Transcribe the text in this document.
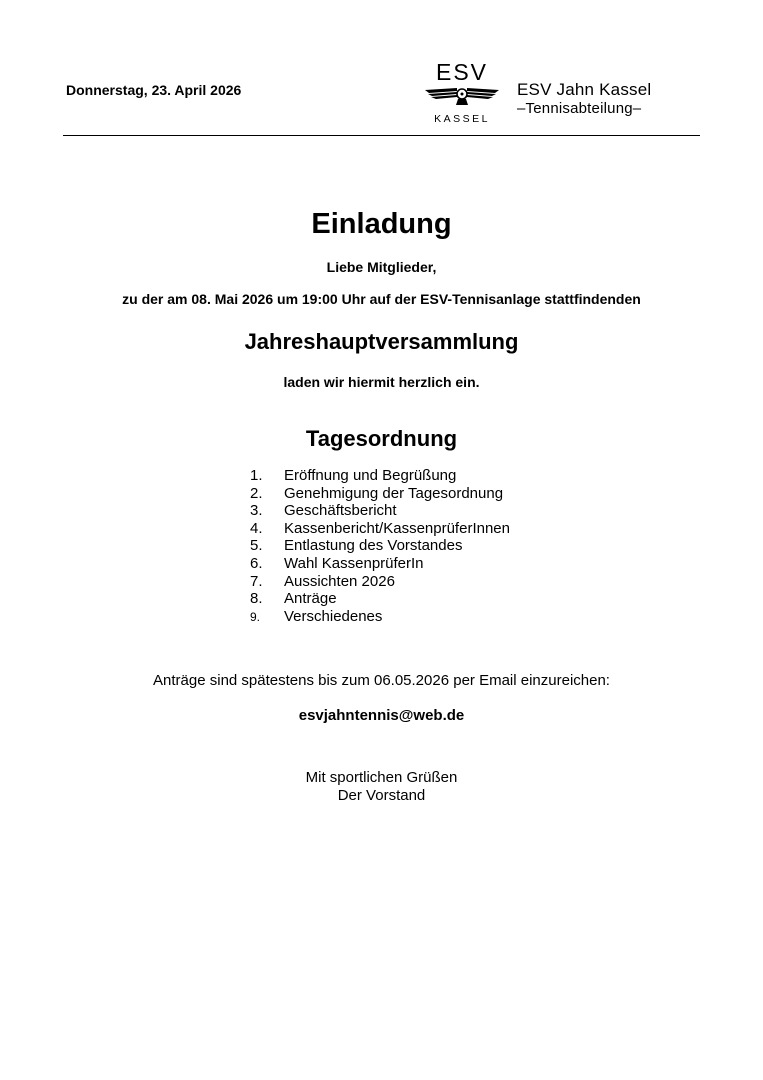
Donnerstag, 23. April 2026
ESV
KASSEL
ESV Jahn Kassel
–Tennisabteilung–
Einladung
Liebe Mitglieder,
zu der am 08. Mai 2026 um 19:00 Uhr auf der ESV-Tennisanlage stattfindenden
Jahreshauptversammlung
laden wir hiermit herzlich ein.
Tagesordnung
1. Eröffnung und Begrüßung
2. Genehmigung der Tagesordnung
3. Geschäftsbericht
4. Kassenbericht/KassenprüferInnen
5. Entlastung des Vorstandes
6. Wahl KassenprüferIn
7. Aussichten 2026
8. Anträge
9. Verschiedenes
Anträge sind spätestens bis zum 06.05.2026 per Email einzureichen:
esvjahntennis@web.de
Mit sportlichen Grüßen
Der Vorstand
